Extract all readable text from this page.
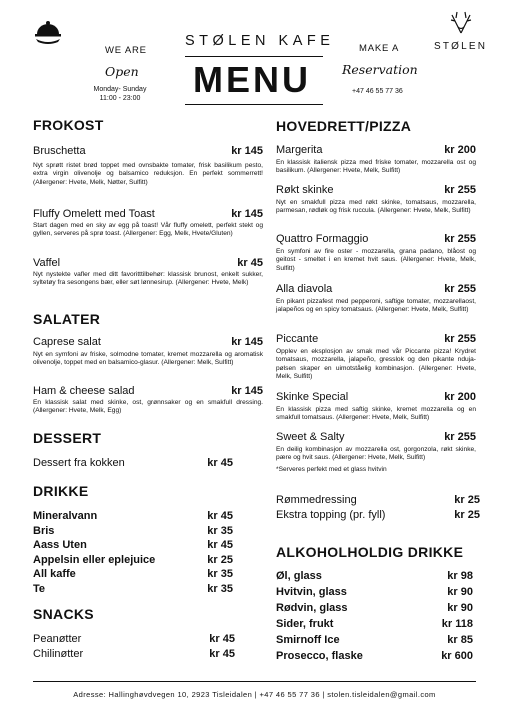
WE ARE
Open
Monday- Sunday
11:00 - 23:00
STØLEN KAFE
MENU
MAKE A
Reservation
+47 46 55 77 36
STØLEN
FROKOST
Bruschetta	kr 145
Nyt sprøtt ristet brød toppet med ovnsbakte tomater, frisk basilikum pesto, extra virgin olivenolje og balsamico reduksjon. En perfekt sommerrett! (Allergener: Hvete, Melk, Nøtter, Sulfitt)
Fluffy Omelett med Toast	kr 145
Start dagen med en sky av egg på toast! Vår fluffy omelett, perfekt stekt og gyllen, serveres på sprø toast. (Allergener: Egg, Melk, Hvete/Gluten)
Vaffel	kr 45
Nyt nystekte vafler med ditt favoritttilbehør: klassisk brunost, enkelt sukker, syltetøy fra sesongens bær, eller søt lønnesirup. (Allergener: Hvete, Melk)
SALATER
Caprese salat	kr 145
Nyt en symfoni av friske, solmodne tomater, kremet mozzarella og aromatisk olivenolje, toppet med en balsamico-glasur. (Allergener: Melk, Sulfitt)
Ham & cheese salad	kr 145
En klassisk salat med skinke, ost, grønnsaker og en smakfull dressing. (Allergener: Hvete, Melk, Egg)
DESSERT
Dessert fra kokken	kr 45
DRIKKE
Mineralvann	kr 45
Bris	kr 35
Aass Uten	kr 45
Appelsin eller eplejuice	kr 25
All kaffe	kr 35
Te	kr 35
SNACKS
Peanøtter	kr 45
Chilinøtter	kr 45
HOVEDRETT/PIZZA
Margerita	kr 200
En klassisk italiensk pizza med friske tomater, mozzarella ost og basilikum. (Allergener: Hvete, Melk, Sulfitt)
Røkt skinke	kr 255
Nyt en smakfull pizza med røkt skinke, tomatsaus, mozzarella, parmesan, rødløk og frisk ruccula. (Allergener: Hvete, Melk, Sulfitt)
Quattro Formaggio	kr 255
En symfoni av fire oster - mozzarella, grana padano, blåost og geitost - smeltet i en kremet hvit saus. (Allergener: Hvete, Melk, Sulfitt)
Alla diavola	kr 255
En pikant pizzafest med pepperoni, saftige tomater, mozzarellaost, jalapeños og en spicy tomatsaus. (Allergener: Hvete, Melk, Sulfitt)
Piccante	kr 255
Opplev en eksplosjon av smak med vår Piccante pizza! Krydret tomatsaus, mozzarella, jalapeño, gresslok og den pikante nduja-pølsen skaper en uimotståelig kombinasjon. (Allergener: Hvete, Melk, Sulfitt)
Skinke Special	kr 200
En klassisk pizza med saftig skinke, kremet mozzarella og en smakfull tomatsaus. (Allergener: Hvete, Melk, Sulfitt)
Sweet & Salty	kr 255
En deilig kombinasjon av mozzarella ost, gorgonzola, røkt skinke, pære og hvit saus. (Allergener: Hvete, Melk, Sulfitt)
*Serveres perfekt med et glass hvitvin
Rømmedressing	kr 25
Ekstra topping (pr. fyll)	kr 25
ALKOHOLHOLDIG DRIKKE
Øl, glass	kr 98
Hvitvin, glass	kr 90
Rødvin, glass	kr 90
Sider, frukt	kr 118
Smirnoff Ice	kr 85
Prosecco, flaske	kr 600
Adresse: Hallinghøvdvegen 10, 2923 Tisleidalen | +47 46 55 77 36 | stolen.tisleidalen@gmail.com
